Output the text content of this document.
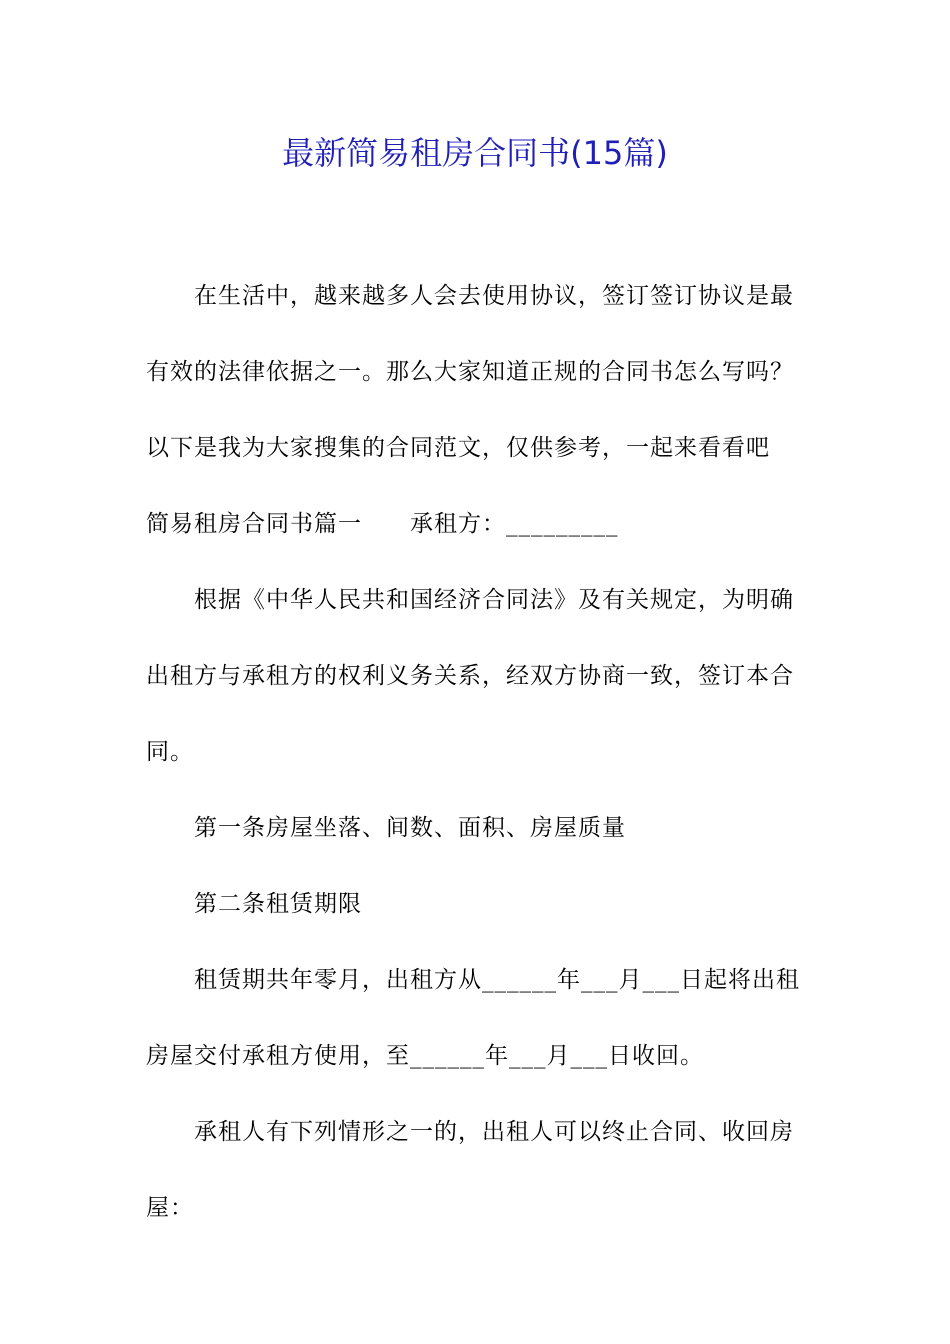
最新简易租房合同书(15篇)

在生活中，越来越多人会去使用协议，签订签订协议是最有效的法律依据之一。那么大家知道正规的合同书怎么写吗？以下是我为大家搜集的合同范文，仅供参考，一起来看看吧

简易租房合同书篇一 承租方：_________

根据《中华人民共和国经济合同法》及有关规定，为明确出租方与承租方的权利义务关系，经双方协商一致，签订本合同。

第一条房屋坐落、间数、面积、房屋质量

第二条租赁期限

租赁期共年零月，出租方从______年___月___日起将出租房屋交付承租方使用，至______年___月___日收回。

承租人有下列情形之一的，出租人可以终止合同、收回房屋：
